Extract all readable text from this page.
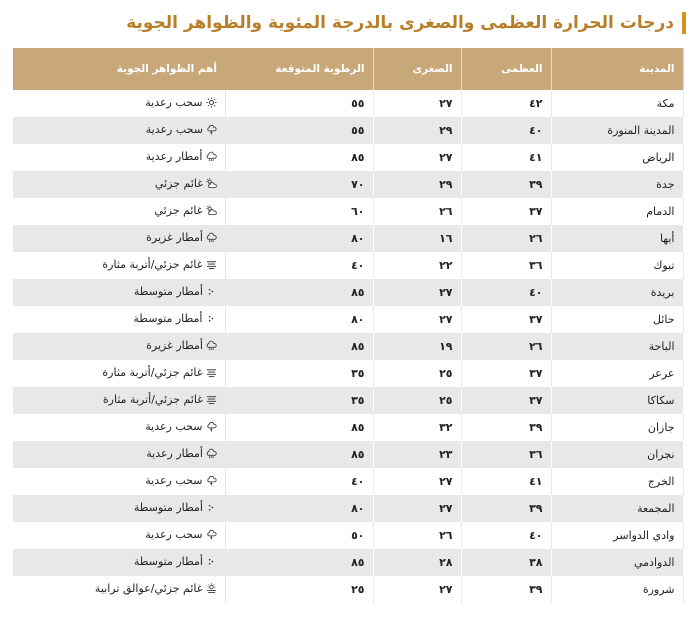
درجات الحرارة العظمى والصغرى بالدرجة المئوية والظواهر الجوية
المدينة	العظمى	الصغرى	الرطوبة المتوقعة	أهم الظواهر الجوية
مكة	٤٢	٢٧	٥٥	سحب رعدية

المدينة المنورة	٤٠	٢٩	٥٥	سحب رعدية

الرياض	٤١	٢٧	٨٥	أمطار رعدية

جدة	٣٩	٢٩	٧٠	غائم جزئي

الدمام	٣٧	٢٦	٦٠	غائم جزئي

أبها	٢٦	١٦	٨٠	أمطار غزيرة

تبوك	٣٦	٢٢	٤٠	غائم جزئي/أتربة مثارة

بريدة	٤٠	٢٧	٨٥	أمطار متوسطة

حائل	٣٧	٢٧	٨٠	أمطار متوسطة

الباحة	٢٦	١٩	٨٥	أمطار غزيرة

عرعر	٣٧	٢٥	٣٥	غائم جزئي/أتربة مثارة

سكاكا	٣٧	٢٥	٣٥	غائم جزئي/أتربة مثارة

جازان	٣٩	٣٢	٨٥	سحب رعدية

نجران	٣٦	٢٣	٨٥	أمطار رعدية

الخرج	٤١	٢٧	٤٠	سحب رعدية

المجمعة	٣٩	٢٧	٨٠	أمطار متوسطة

وادي الدواسر	٤٠	٢٦	٥٠	سحب رعدية

الدوادمي	٣٨	٢٨	٨٥	أمطار متوسطة

شرورة	٣٩	٢٧	٢٥	غائم جزئي/عوالق ترابية
